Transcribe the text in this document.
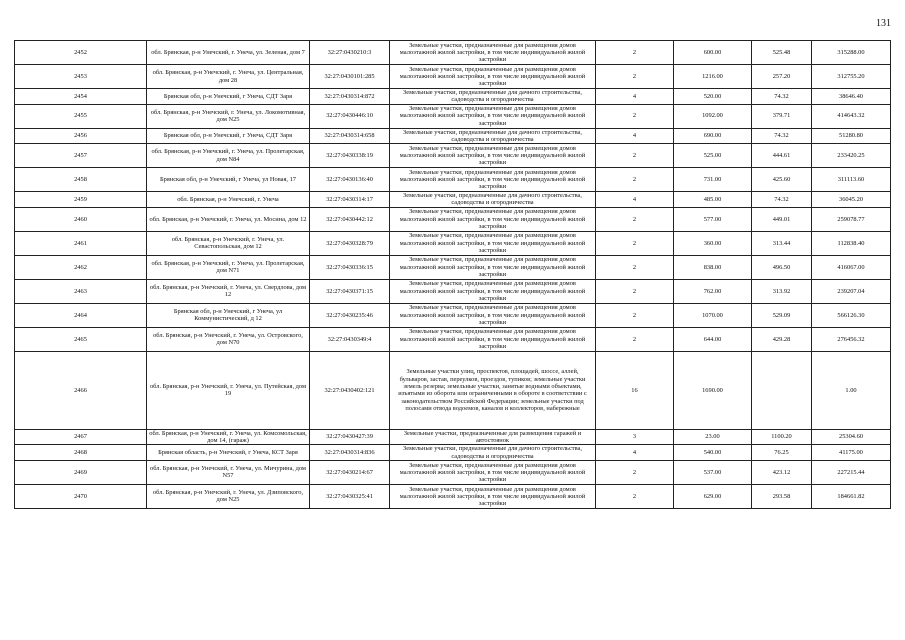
131
2452	обл. Брянская, р-н Унечский, г. Унеча, ул. Зеленая, дом 7	32:27:0430210:3	Земельные участки, предназначенные для размещения домов малоэтажной жилой застройки, в том числе индивидуальной жилой застройки	2	600.00	525.48	315288.00
2453	обл. Брянская, р-н Унечский, г. Унеча, ул. Центральная, дом 28	32:27:0430101:285	Земельные участки, предназначенные для размещения домов малоэтажной жилой застройки, в том числе индивидуальной жилой застройки	2	1216.00	257.20	312755.20
2454	Брянская обл, р-н Унечский, г Унеча, СДТ Заря	32:27:0430314:872	Земельные участки, предназначенные для дачного строительства, садоводства и огородничества	4	520.00	74.32	38646.40
2455	обл. Брянская, р-н Унечский, г. Унеча, ул. Локомотивная, дом N25	32:27:0430446:10	Земельные участки, предназначенные для размещения домов малоэтажной жилой застройки, в том числе индивидуальной жилой застройки	2	1092.00	379.71	414643.32
2456	Брянская обл, р-н Унечский, г Унеча, СДТ Заря	32:27:0430314:658	Земельные участки, предназначенные для дачного строительства, садоводства и огородничества	4	690.00	74.32	51280.80
2457	обл. Брянская, р-н Унечский, г. Унеча, ул. Пролетарская, дом N84	32:27:0430338:19	Земельные участки, предназначенные для размещения домов малоэтажной жилой застройки, в том числе индивидуальной жилой застройки	2	525.00	444.61	233420.25
2458	Брянская обл, р-н Унечский, г Унеча, ул Новая, 17	32:27:0430136:40	Земельные участки, предназначенные для размещения домов малоэтажной жилой застройки, в том числе индивидуальной жилой застройки	2	731.00	425.60	311113.60
2459	обл. Брянская, р-н Унечский, г. Унеча	32:27:0430314:17	Земельные участки, предназначенные для дачного строительства, садоводства и огородничества	4	485.00	74.32	36045.20
2460	обл. Брянская, р-н Унечский, г. Унеча, ул. Мосина, дом 12	32:27:0430442:12	Земельные участки, предназначенные для размещения домов малоэтажной жилой застройки, в том числе индивидуальной жилой застройки	2	577.00	449.01	259078.77
2461	обл. Брянская, р-н Унечский, г. Унеча, ул. Севастопольская, дом 12	32:27:0430328:79	Земельные участки, предназначенные для размещения домов малоэтажной жилой застройки, в том числе индивидуальной жилой застройки	2	360.00	313.44	112838.40
2462	обл. Брянская, р-н Унечский, г. Унеча, ул. Пролетарская, дом N71	32:27:0430336:15	Земельные участки, предназначенные для размещения домов малоэтажной жилой застройки, в том числе индивидуальной жилой застройки	2	838.00	496.50	416067.00
2463	обл. Брянская, р-н Унечский, г. Унеча, ул. Свердлова, дом 12	32:27:0430371:15	Земельные участки, предназначенные для размещения домов малоэтажной жилой застройки, в том числе индивидуальной жилой застройки	2	762.00	313.92	239207.04
2464	Брянская обл, р-н Унечский, г Унеча, ул Коммунистический, д 12	32:27:0430235:46	Земельные участки, предназначенные для размещения домов малоэтажной жилой застройки, в том числе индивидуальной жилой застройки	2	1070.00	529.09	566126.30
2465	обл. Брянская, р-н Унечский, г. Унеча, ул. Островского, дом N70	32:27:0430349:4	Земельные участки, предназначенные для размещения домов малоэтажной жилой застройки, в том числе индивидуальной жилой застройки	2	644.00	429.28	276456.32
2466	обл. Брянская, р-н Унечский, г. Унеча, ул. Путейская, дом 19	32:27:0430402:121	Земельные участки улиц, проспектов, площадей, шоссе, аллей, бульваров, застав, переулков, проездов, тупиков; земельные участки земель резерва; земельные участки, занятые водными объектами, изъятыми из оборота или ограниченными в обороте в соответствии с законодательством Российской Федерации; земельные участки под полосами отвода водоемов, каналов и коллекторов, набережные	16	1690.00		1.00
2467	обл. Брянская, р-н Унечский, г. Унеча, ул. Комсомольская, дом 14, (гараж)	32:27:0430427:39	Земельные участки, предназначенные для размещения гаражей и автостоянок	3	23.00	1100.20	25304.60
2468	Брянская область, р-н Унечский, г Унеча, КСТ Заря	32:27:0430314:836	Земельные участки, предназначенные для дачного строительства, садоводства и огородничества	4	540.00	76.25	41175.00
2469	обл. Брянская, р-н Унечский, г. Унеча, ул. Мичурина, дом N57	32:27:0430214:67	Земельные участки, предназначенные для размещения домов малоэтажной жилой застройки, в том числе индивидуальной жилой застройки	2	537.00	423.12	227215.44
2470	обл. Брянская, р-н Унечский, г. Унеча, ул. Дзиповского, дом N25	32:27:0430325:41	Земельные участки, предназначенные для размещения домов малоэтажной жилой застройки, в том числе индивидуальной жилой застройки	2	629.00	293.58	184661.82
